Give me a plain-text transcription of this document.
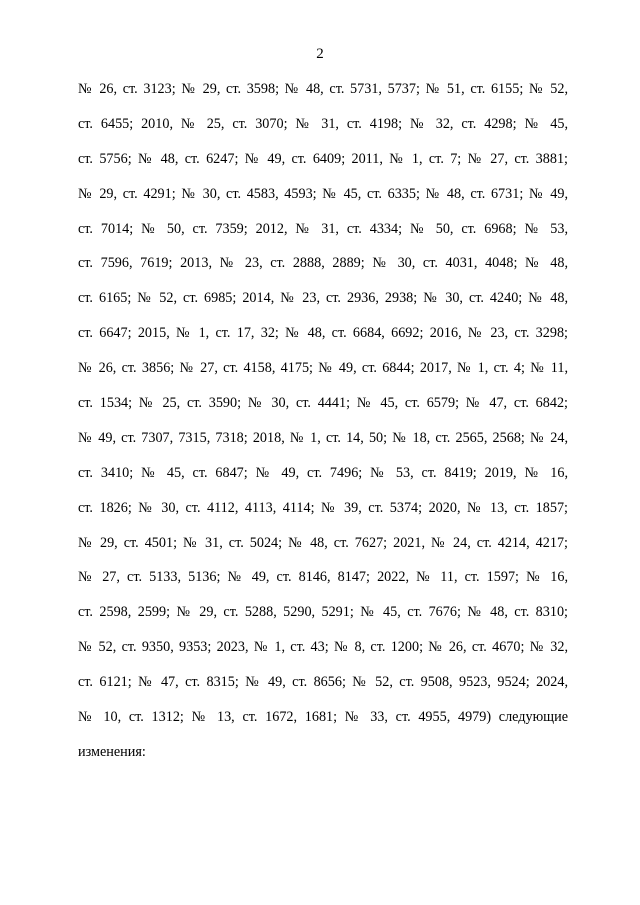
2
№ 26, ст. 3123; № 29, ст. 3598; № 48, ст. 5731, 5737; № 51, ст. 6155; № 52,
ст. 6455; 2010, № 25, ст. 3070; № 31, ст. 4198; № 32, ст. 4298; № 45,
ст. 5756; № 48, ст. 6247; № 49, ст. 6409; 2011, № 1, ст. 7; № 27, ст. 3881;
№ 29, ст. 4291; № 30, ст. 4583, 4593; № 45, ст. 6335; № 48, ст. 6731; № 49,
ст. 7014; № 50, ст. 7359; 2012, № 31, ст. 4334; № 50, ст. 6968; № 53,
ст. 7596, 7619; 2013, № 23, ст. 2888, 2889; № 30, ст. 4031, 4048; № 48,
ст. 6165; № 52, ст. 6985; 2014, № 23, ст. 2936, 2938; № 30, ст. 4240; № 48,
ст. 6647; 2015, № 1, ст. 17, 32; № 48, ст. 6684, 6692; 2016, № 23, ст. 3298;
№ 26, ст. 3856; № 27, ст. 4158, 4175; № 49, ст. 6844; 2017, № 1, ст. 4; № 11,
ст. 1534; № 25, ст. 3590; № 30, ст. 4441; № 45, ст. 6579; № 47, ст. 6842;
№ 49, ст. 7307, 7315, 7318; 2018, № 1, ст. 14, 50; № 18, ст. 2565, 2568; № 24,
ст. 3410; № 45, ст. 6847; № 49, ст. 7496; № 53, ст. 8419; 2019, № 16,
ст. 1826; № 30, ст. 4112, 4113, 4114; № 39, ст. 5374; 2020, № 13, ст. 1857;
№ 29, ст. 4501; № 31, ст. 5024; № 48, ст. 7627; 2021, № 24, ст. 4214, 4217;
№ 27, ст. 5133, 5136; № 49, ст. 8146, 8147; 2022, № 11, ст. 1597; № 16,
ст. 2598, 2599; № 29, ст. 5288, 5290, 5291; № 45, ст. 7676; № 48, ст. 8310;
№ 52, ст. 9350, 9353; 2023, № 1, ст. 43; № 8, ст. 1200; № 26, ст. 4670; № 32,
ст. 6121; № 47, ст. 8315; № 49, ст. 8656; № 52, ст. 9508, 9523, 9524; 2024,
№ 10, ст. 1312; № 13, ст. 1672, 1681; № 33, ст. 4955, 4979) следующие
изменения:
